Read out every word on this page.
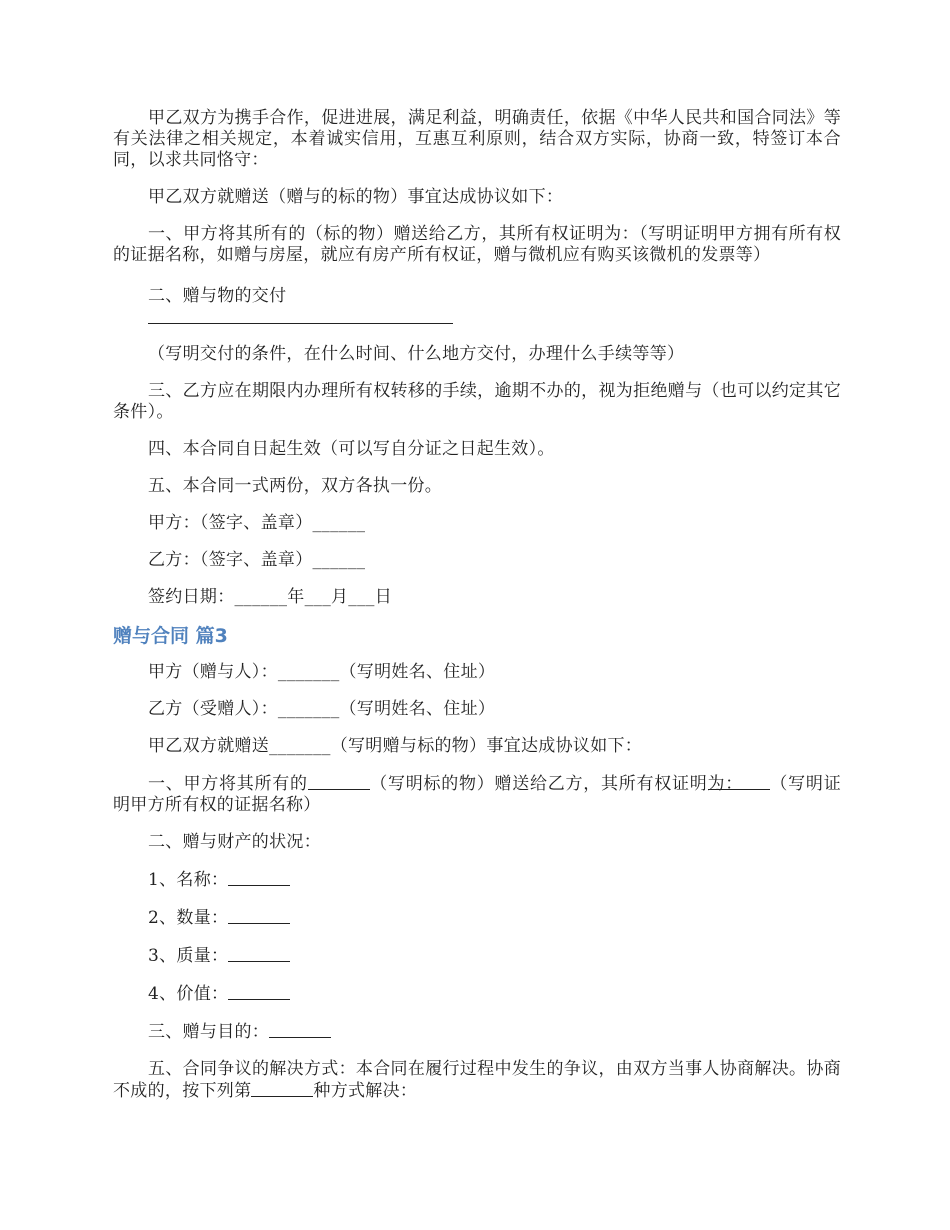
甲乙双方为携手合作，促进进展，满足利益，明确责任，依据《中华人民共和国合同法》等有关法律之相关规定，本着诚实信用，互惠互利原则，结合双方实际，协商一致，特签订本合同，以求共同恪守：

甲乙双方就赠送（赠与的标的物）事宜达成协议如下：

一、甲方将其所有的（标的物）赠送给乙方，其所有权证明为：（写明证明甲方拥有所有权的证据名称，如赠与房屋，就应有房产所有权证，赠与微机应有购买该微机的发票等）

二、赠与物的交付

（写明交付的条件，在什么时间、什么地方交付，办理什么手续等等）

三、乙方应在期限内办理所有权转移的手续，逾期不办的，视为拒绝赠与（也可以约定其它条件）。

四、本合同自日起生效（可以写自分证之日起生效）。

五、本合同一式两份，双方各执一份。

甲方：（签字、盖章）______

乙方：（签字、盖章）______

签约日期：______年___月___日

赠与合同 篇3

甲方（赠与人）：_______（写明姓名、住址）

乙方（受赠人）：_______（写明姓名、住址）

甲乙双方就赠送_______（写明赠与标的物）事宜达成协议如下：

一、甲方将其所有的	（写明标的物）赠送给乙方，其所有权证明为： （写明证明甲方所有权的证据名称）

二、赠与财产的状况：

1、名称：

2、数量：

3、质量：

4、价值：

三、赠与目的：

五、合同争议的解决方式：本合同在履行过程中发生的争议，由双方当事人协商解决。协商不成的，按下列第	种方式解决：
